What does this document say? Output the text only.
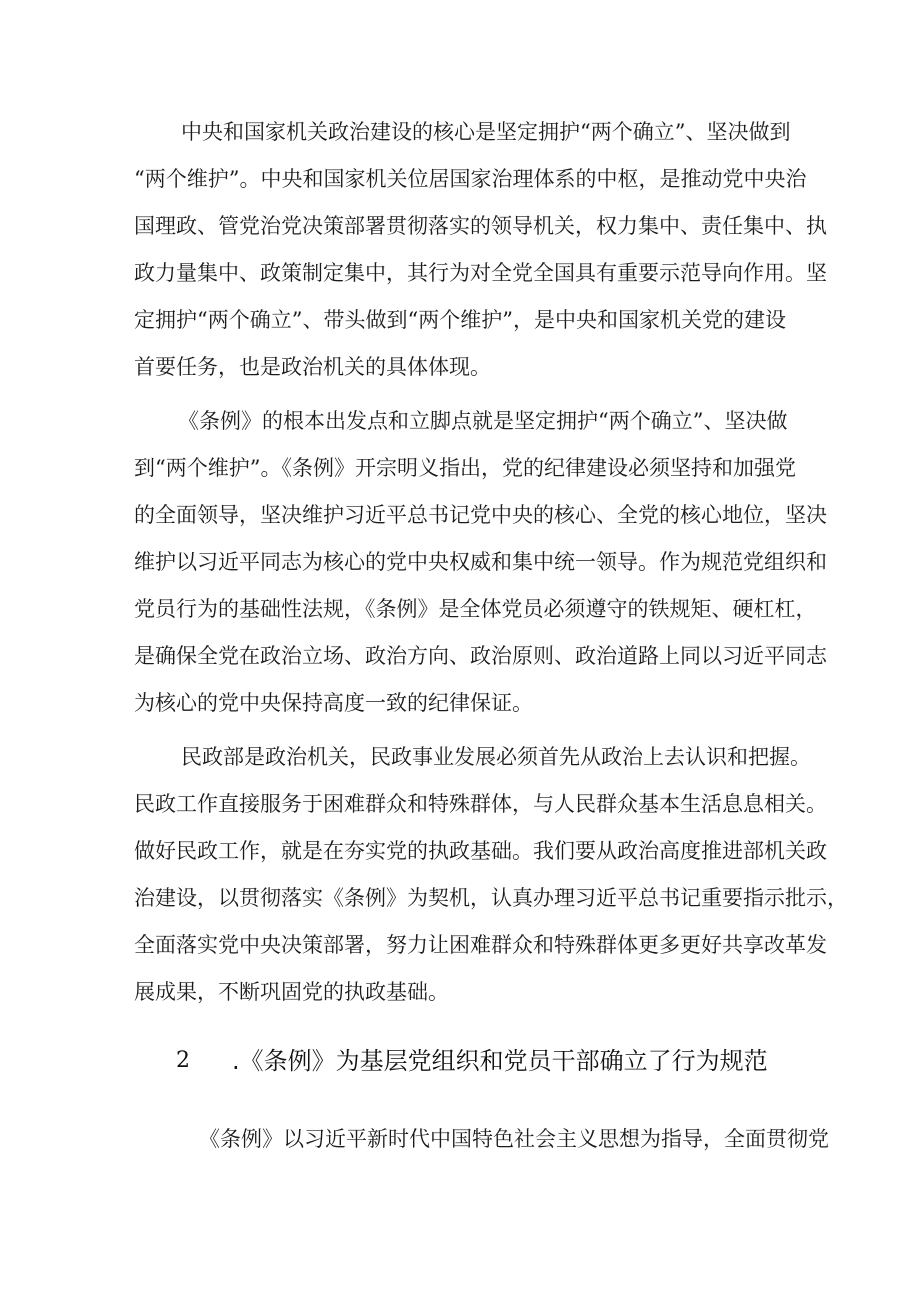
中央和国家机关政治建设的核心是坚定拥护“两个确立”、坚决做到

“两个维护”。中央和国家机关位居国家治理体系的中枢，是推动党中央治

国理政、管党治党决策部署贯彻落实的领导机关，权力集中、责任集中、执

政力量集中、政策制定集中，其行为对全党全国具有重要示范导向作用。坚

定拥护“两个确立”、带头做到“两个维护”，是中央和国家机关党的建设

首要任务，也是政治机关的具体体现。

《条例》的根本出发点和立脚点就是坚定拥护“两个确立”、坚决做

到“两个维护”。《条例》开宗明义指出，党的纪律建设必须坚持和加强党

的全面领导，坚决维护习近平总书记党中央的核心、全党的核心地位，坚决

维护以习近平同志为核心的党中央权威和集中统一领导。作为规范党组织和

党员行为的基础性法规，《条例》是全体党员必须遵守的铁规矩、硬杠杠，

是确保全党在政治立场、政治方向、政治原则、政治道路上同以习近平同志

为核心的党中央保持高度一致的纪律保证。

民政部是政治机关，民政事业发展必须首先从政治上去认识和把握。

民政工作直接服务于困难群众和特殊群体，与人民群众基本生活息息相关。

做好民政工作，就是在夯实党的执政基础。我们要从政治高度推进部机关政

治建设，以贯彻落实《条例》为契机，认真办理习近平总书记重要指示批示，

全面落实党中央决策部署，努力让困难群众和特殊群体更多更好共享改革发

展成果，不断巩固党的执政基础。

2 .《条例》为基层党组织和党员干部确立了行为规范

《条例》以习近平新时代中国特色社会主义思想为指导，全面贯彻党
